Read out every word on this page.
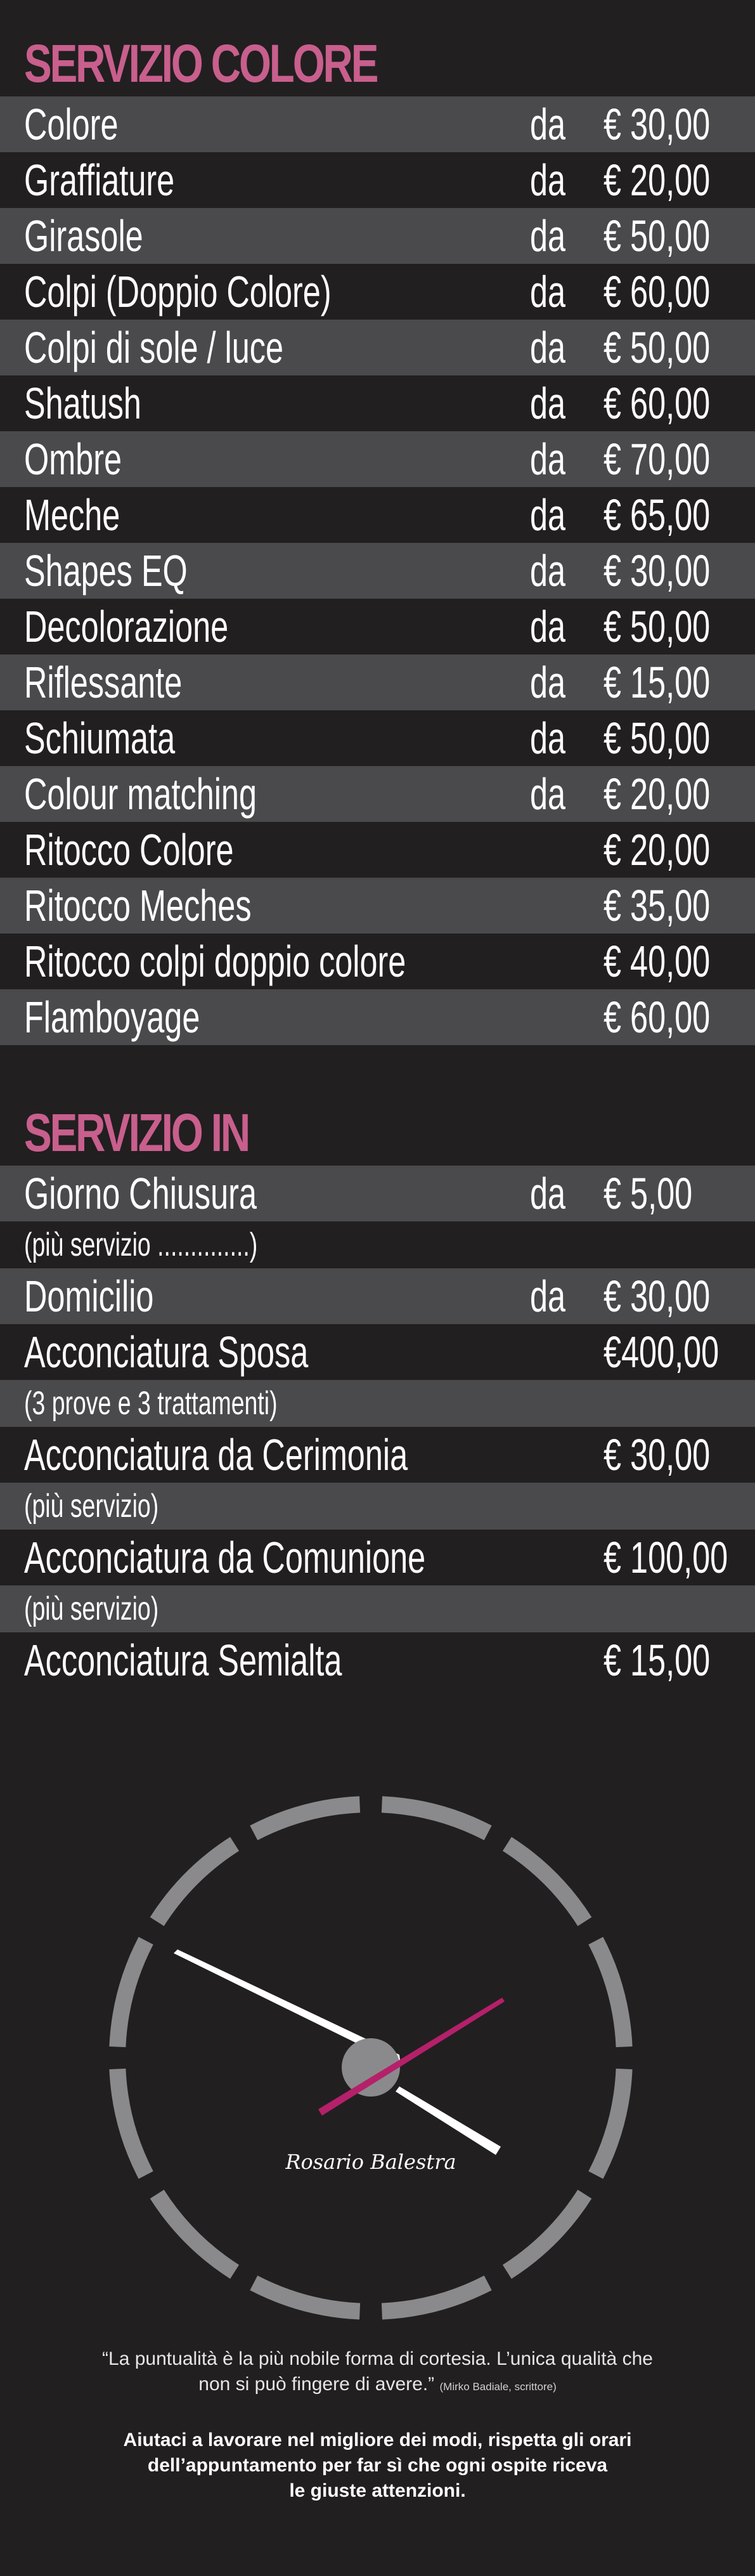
SERVIZIO COLORE
Colore	da € 30,00
Graffiature	da € 20,00
Girasole	da € 50,00
Colpi (Doppio Colore)	da € 60,00
Colpi di sole / luce	da € 50,00
Shatush	da € 60,00
Ombre	da € 70,00
Meche	da € 65,00
Shapes EQ	da € 30,00
Decolorazione	da € 50,00
Riflessante	da € 15,00
Schiumata	da € 50,00
Colour matching	da € 20,00
Ritocco Colore	€ 20,00
Ritocco Meches	€ 35,00
Ritocco colpi doppio colore	€ 40,00
Flamboyage	€ 60,00
SERVIZIO IN
Giorno Chiusura	da € 5,00
(più servizio ..............)
Domicilio	da € 30,00
Acconciatura Sposa	€400,00
(3 prove e 3 trattamenti)
Acconciatura da Cerimonia	€ 30,00
(più servizio)
Acconciatura da Comunione	€ 100,00
(più servizio)
Acconciatura Semialta	€ 15,00
Rosario Balestra
“La puntualità è la più nobile forma di cortesia. L’unica qualità che
non si può fingere di avere.” (Mirko Badiale, scrittore)
Aiutaci a lavorare nel migliore dei modi, rispetta gli orari
dell’appuntamento per far sì che ogni ospite riceva
le giuste attenzioni.
